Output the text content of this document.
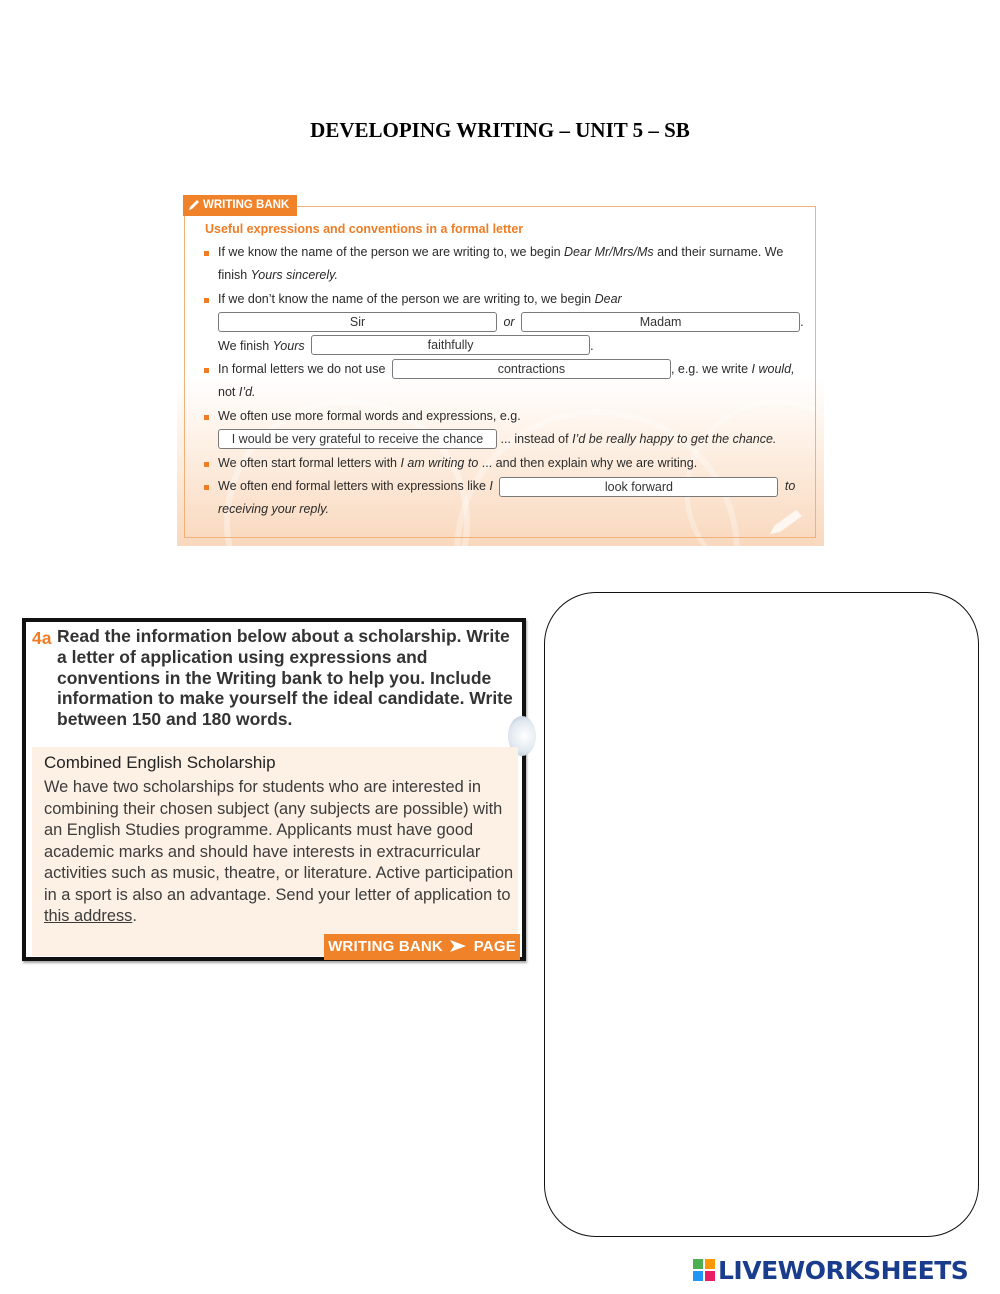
DEVELOPING WRITING – UNIT 5 – SB
WRITING BANK
Useful expressions and conventions in a formal letter
If we know the name of the person we are writing to, we begin Dear Mr/Mrs/Ms and their surname. We
finish Yours sincerely.
If we don’t know the name of the person we are writing to, we begin Dear
Sir	or	Madam	.
We finish Yours	faithfully	.
In formal letters we do not use	contractions	, e.g. we write I would,
not I’d.
We often use more formal words and expressions, e.g.
I would be very grateful to receive the chance ... instead of I’d be really happy to get the chance.
We often start formal letters with I am writing to ... and then explain why we are writing.
We often end formal letters with expressions like I	look forward	to
receiving your reply.
4a Read the information below about a scholarship. Write a letter of application using expressions and conventions in the Writing bank to help you. Include information to make yourself the ideal candidate. Write between 150 and 180 words.
Combined English Scholarship
We have two scholarships for students who are interested in combining their chosen subject (any subjects are possible) with an English Studies programme. Applicants must have good academic marks and should have interests in extracurricular activities such as music, theatre, or literature. Active participation in a sport is also an advantage. Send your letter of application to this address.
WRITING BANK PAGE 150
LIVEWORKSHEETS
